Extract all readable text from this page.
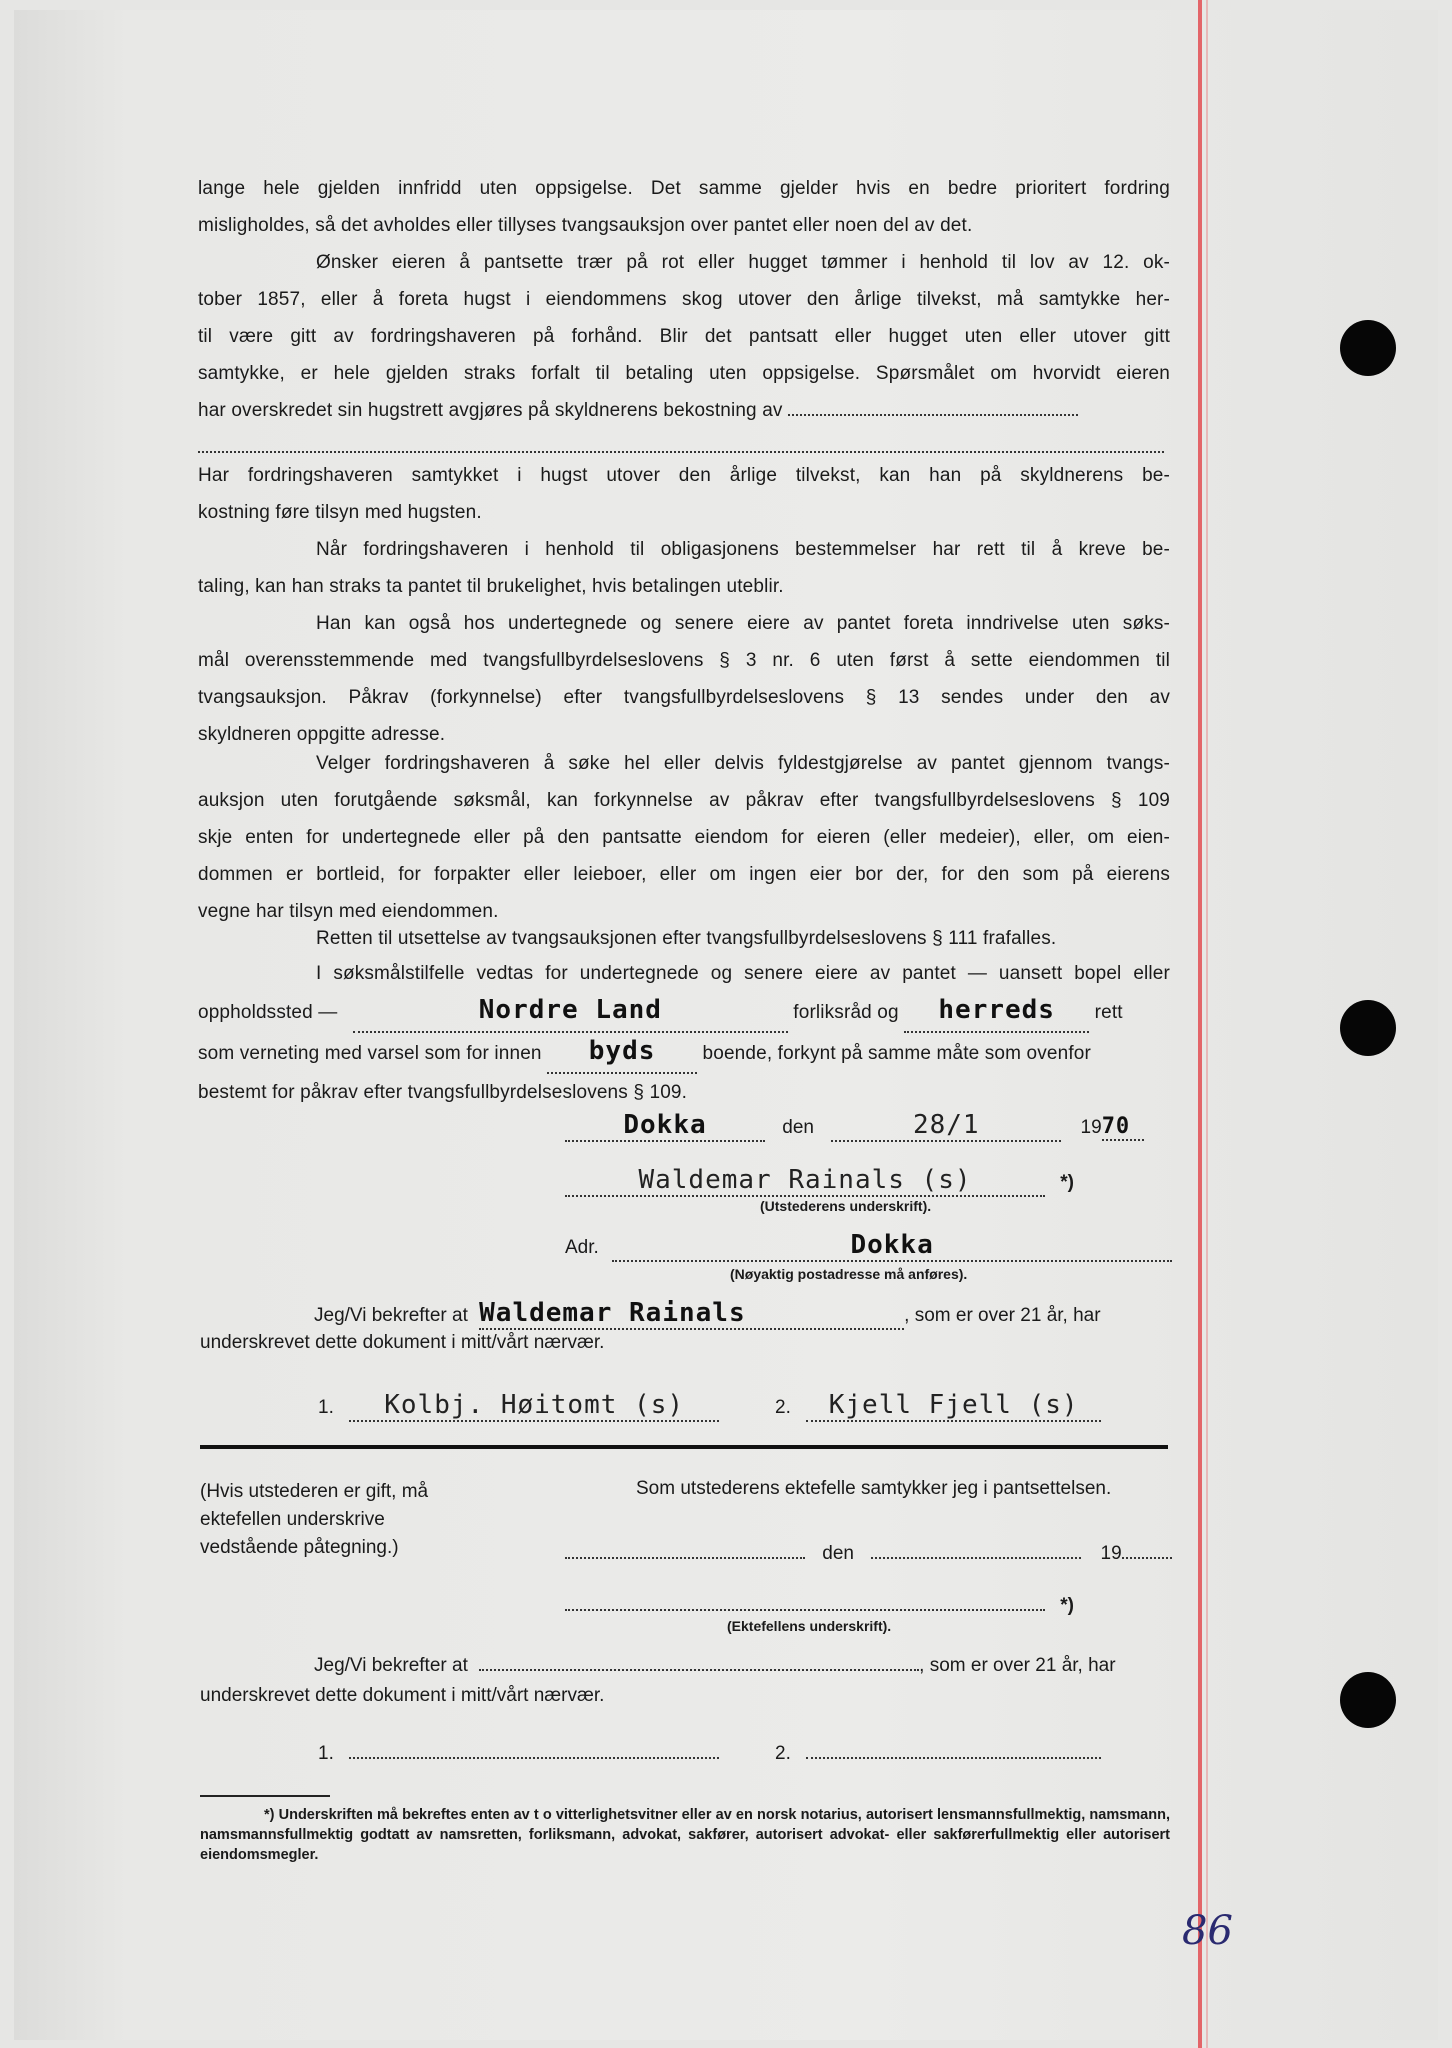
lange hele gjelden innfridd uten oppsigelse. Det samme gjelder hvis en bedre prioritert fordring
misligholdes, så det avholdes eller tillyses tvangsauksjon over pantet eller noen del av det.
Ønsker eieren å pantsette trær på rot eller hugget tømmer i henhold til lov av 12. ok-
tober 1857, eller å foreta hugst i eiendommens skog utover den årlige tilvekst, må samtykke her-
til være gitt av fordringshaveren på forhånd. Blir det pantsatt eller hugget uten eller utover gitt
samtykke, er hele gjelden straks forfalt til betaling uten oppsigelse. Spørsmålet om hvorvidt eieren
har overskredet sin hugstrett avgjøres på skyldnerens bekostning av
Har fordringshaveren samtykket i hugst utover den årlige tilvekst, kan han på skyldnerens be-
kostning føre tilsyn med hugsten.
Når fordringshaveren i henhold til obligasjonens bestemmelser har rett til å kreve be-
taling, kan han straks ta pantet til brukelighet, hvis betalingen uteblir.
Han kan også hos undertegnede og senere eiere av pantet foreta inndrivelse uten søks-
mål overensstemmende med tvangsfullbyrdelseslovens § 3 nr. 6 uten først å sette eiendommen til
tvangsauksjon. Påkrav (forkynnelse) efter tvangsfullbyrdelseslovens § 13 sendes under den av
skyldneren oppgitte adresse.
Velger fordringshaveren å søke hel eller delvis fyldestgjørelse av pantet gjennom tvangs-
auksjon uten forutgående søksmål, kan forkynnelse av påkrav efter tvangsfullbyrdelseslovens § 109
skje enten for undertegnede eller på den pantsatte eiendom for eieren (eller medeier), eller, om eien-
dommen er bortleid, for forpakter eller leieboer, eller om ingen eier bor der, for den som på eierens
vegne har tilsyn med eiendommen.
Retten til utsettelse av tvangsauksjonen efter tvangsfullbyrdelseslovens § 111 frafalles.
I søksmålstilfelle vedtas for undertegnede og senere eiere av pantet — uansett bopel eller
oppholdssted —	Nordre Land	forliksråd og herreds rett
som verneting med varsel som for innen byds boende, forkynt på samme måte som ovenfor
bestemt for påkrav efter tvangsfullbyrdelseslovens § 109.
Dokka	den	28/1	1970
Waldemar Rainals (s)	*)
(Utstederens underskrift).
Adr.	Dokka
(Nøyaktig postadresse må anføres).
Jeg/Vi bekrefter at Waldemar Rainals	, som er over 21 år, har
underskrevet dette dokument i mitt/vårt nærvær.
1. Kolbj. Høitomt (s)	2. Kjell Fjell (s)
(Hvis utstederen er gift, må ektefellen underskrive vedstående påtegning.)
Som utstederens ektefelle samtykker jeg i pantsettelsen.
den	19
*)
(Ektefellens underskrift).
Jeg/Vi bekrefter at	, som er over 21 år, har
underskrevet dette dokument i mitt/vårt nærvær.
1.	2.
*) Underskriften må bekreftes enten av t o vitterlighetsvitner eller av en norsk notarius, autorisert lensmannsfullmektig, namsmann, namsmannsfullmektig godtatt av namsretten, forliksmann, advokat, sakfører, autorisert advokat- eller sakførerfullmektig eller autorisert eiendomsmegler.
86
